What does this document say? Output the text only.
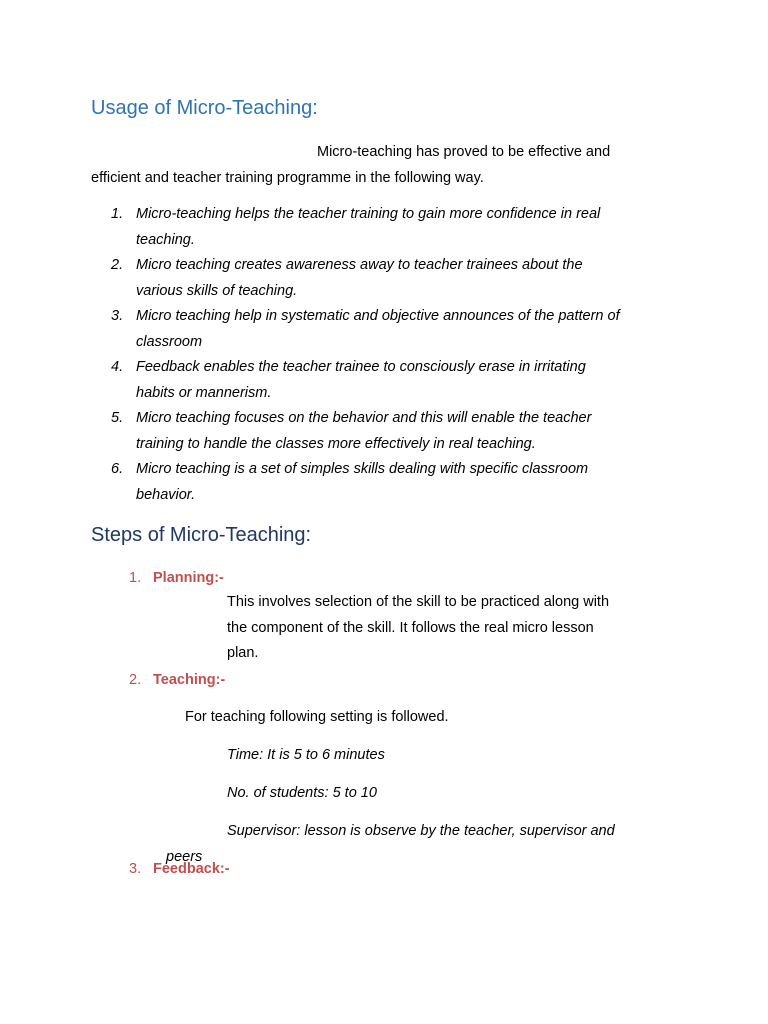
Usage of Micro-Teaching:
Micro-teaching has proved to be effective and
efficient and teacher training programme in the following way.
1. Micro-teaching helps the teacher training to gain more confidence in real
teaching.
2. Micro teaching creates awareness away to teacher trainees about the
various skills of teaching.
3. Micro teaching help in systematic and objective announces of the pattern of
classroom
4. Feedback enables the teacher trainee to consciously erase in irritating
habits or mannerism.
5. Micro teaching focuses on the behavior and this will enable the teacher
training to handle the classes more effectively in real teaching.
6. Micro teaching is a set of simples skills dealing with specific classroom
behavior.
Steps of Micro-Teaching:
1. Planning:-
This involves selection of the skill to be practiced along with
the component of the skill. It follows the real micro lesson
plan.
2. Teaching:-
For teaching following setting is followed.
Time: It is 5 to 6 minutes
No. of students: 5 to 10
Supervisor: lesson is observe by the teacher, supervisor and
peers
3. Feedback:-
